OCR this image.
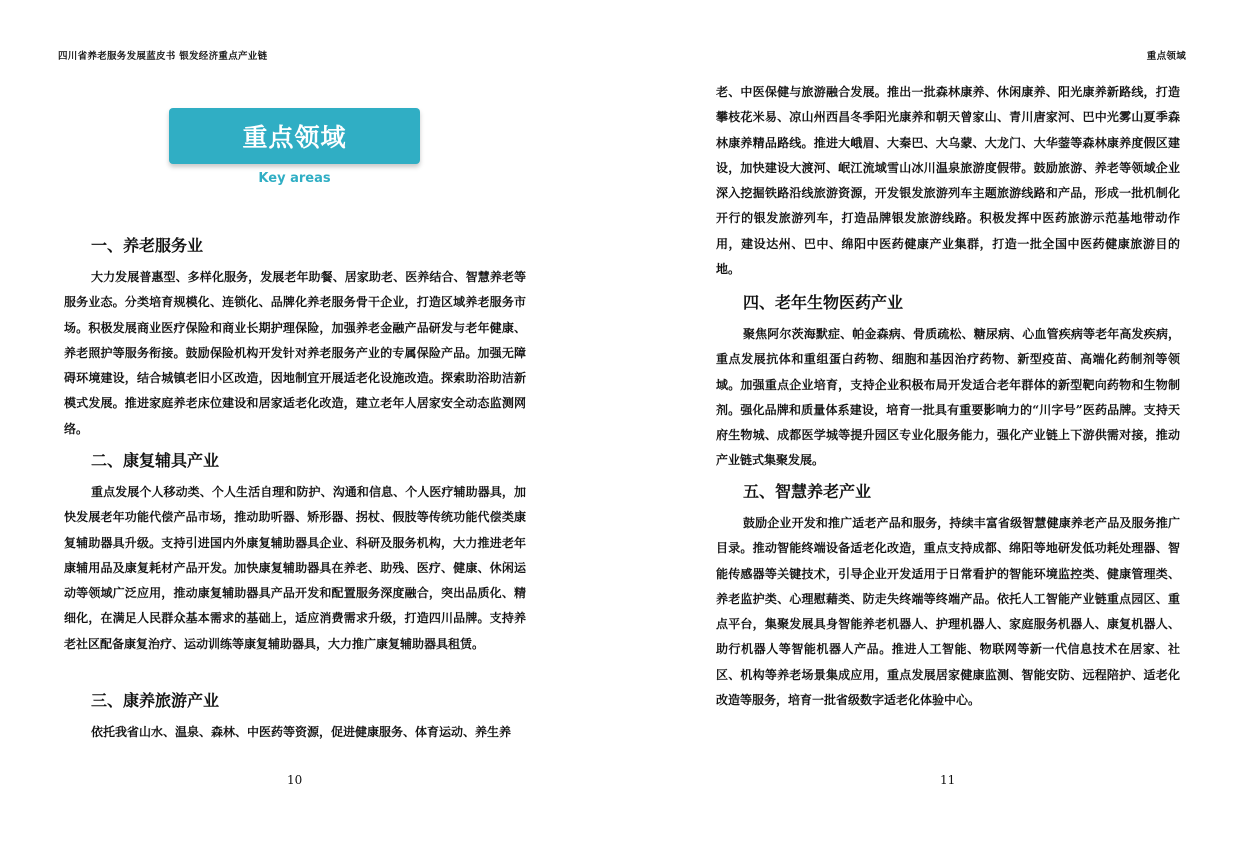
四川省养老服务发展蓝皮书 银发经济重点产业链
重点领域
Key areas
一、养老服务业

大力发展普惠型、多样化服务，发展老年助餐、居家助老、医养结合、智慧养老等服务业态。分类培育规模化、连锁化、品牌化养老服务骨干企业，打造区域养老服务市场。积极发展商业医疗保险和商业长期护理保险，加强养老金融产品研发与老年健康、养老照护等服务衔接。鼓励保险机构开发针对养老服务产业的专属保险产品。加强无障碍环境建设，结合城镇老旧小区改造，因地制宜开展适老化设施改造。探索助浴助洁新模式发展。推进家庭养老床位建设和居家适老化改造，建立老年人居家安全动态监测网络。

二、康复辅具产业

重点发展个人移动类、个人生活自理和防护、沟通和信息、个人医疗辅助器具，加快发展老年功能代偿产品市场，推动助听器、矫形器、拐杖、假肢等传统功能代偿类康复辅助器具升级。支持引进国内外康复辅助器具企业、科研及服务机构，大力推进老年康辅用品及康复耗材产品开发。加快康复辅助器具在养老、助残、医疗、健康、休闲运动等领域广泛应用，推动康复辅助器具产品开发和配置服务深度融合，突出品质化、精细化，在满足人民群众基本需求的基础上，适应消费需求升级，打造四川品牌。支持养老社区配备康复治疗、运动训练等康复辅助器具，大力推广康复辅助器具租赁。

三、康养旅游产业

依托我省山水、温泉、森林、中医药等资源，促进健康服务、体育运动、养生养

10
重点领域

老、中医保健与旅游融合发展。推出一批森林康养、休闲康养、阳光康养新路线，打造攀枝花米易、凉山州西昌冬季阳光康养和朝天曾家山、青川唐家河、巴中光雾山夏季森林康养精品路线。推进大峨眉、大秦巴、大乌蒙、大龙门、大华蓥等森林康养度假区建设，加快建设大渡河、岷江流域雪山冰川温泉旅游度假带。鼓励旅游、养老等领域企业深入挖掘铁路沿线旅游资源，开发银发旅游列车主题旅游线路和产品，形成一批机制化开行的银发旅游列车，打造品牌银发旅游线路。积极发挥中医药旅游示范基地带动作用，建设达州、巴中、绵阳中医药健康产业集群，打造一批全国中医药健康旅游目的地。

四、老年生物医药产业

聚焦阿尔茨海默症、帕金森病、骨质疏松、糖尿病、心血管疾病等老年高发疾病，重点发展抗体和重组蛋白药物、细胞和基因治疗药物、新型疫苗、高端化药制剂等领域。加强重点企业培育，支持企业积极布局开发适合老年群体的新型靶向药物和生物制剂。强化品牌和质量体系建设，培育一批具有重要影响力的“川字号”医药品牌。支持天府生物城、成都医学城等提升园区专业化服务能力，强化产业链上下游供需对接，推动产业链式集聚发展。

五、智慧养老产业

鼓励企业开发和推广适老产品和服务，持续丰富省级智慧健康养老产品及服务推广目录。推动智能终端设备适老化改造，重点支持成都、绵阳等地研发低功耗处理器、智能传感器等关键技术，引导企业开发适用于日常看护的智能环境监控类、健康管理类、养老监护类、心理慰藉类、防走失终端等终端产品。依托人工智能产业链重点园区、重点平台，集聚发展具身智能养老机器人、护理机器人、家庭服务机器人、康复机器人、助行机器人等智能机器人产品。推进人工智能、物联网等新一代信息技术在居家、社区、机构等养老场景集成应用，重点发展居家健康监测、智能安防、远程陪护、适老化改造等服务，培育一批省级数字适老化体验中心。

11
